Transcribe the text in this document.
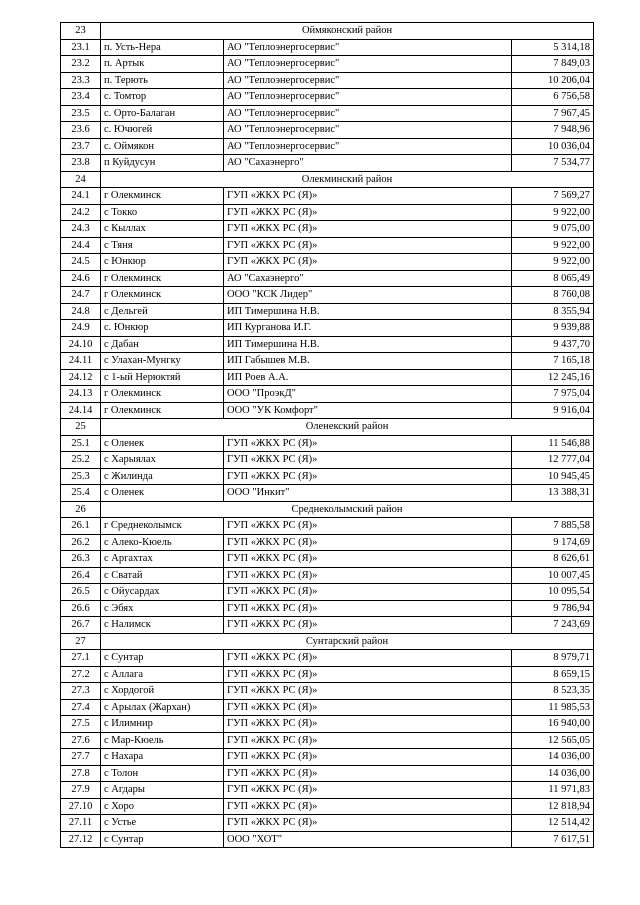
23	Оймяконский район		
23.1	п. Усть-Нера	АО "Теплоэнергосервис"	5 314,18
23.2	п. Артык	АО "Теплоэнергосервис"	7 849,03
23.3	п. Терють	АО "Теплоэнергосервис"	10 206,04
23.4	с. Томтор	АО "Теплоэнергосервис"	6 756,58
23.5	с. Орто-Балаган	АО "Теплоэнергосервис"	7 967,45
23.6	с. Ючюгей	АО "Теплоэнергосервис"	7 948,96
23.7	с. Оймякон	АО "Теплоэнергосервис"	10 036,04
23.8	п Куйдусун	АО "Сахаэнерго"	7 534,77
24	Олекминский район		
24.1	г Олекминск	ГУП «ЖКХ РС (Я)»	7 569,27
24.2	с Токко	ГУП «ЖКХ РС (Я)»	9 922,00
24.3	с Кыллах	ГУП «ЖКХ РС (Я)»	9 075,00
24.4	с Тяня	ГУП «ЖКХ РС (Я)»	9 922,00
24.5	с Юнкюр	ГУП «ЖКХ РС (Я)»	9 922,00
24.6	г Олекминск	АО "Сахаэнерго"	8 065,49
24.7	г Олекминск	ООО "КСК Лидер"	8 760,08
24.8	с Дельгей	ИП Тимершина Н.В.	8 355,94
24.9	с. Юнкюр	ИП Курганова И.Г.	9 939,88
24.10	с Дабан	ИП Тимершина Н.В.	9 437,70
24.11	с Улахан-Мунгку	ИП Габышев М.В.	7 165,18
24.12	с 1-ый Нерюктяй	ИП Роев А.А.	12 245,16
24.13	г Олекминск	ООО "ПроэкД"	7 975,04
24.14	г Олекминск	ООО "УК Комфорт"	9 916,04
25	Оленекский район		
25.1	с Оленек	ГУП «ЖКХ РС (Я)»	11 546,88
25.2	с Харыялах	ГУП «ЖКХ РС (Я)»	12 777,04
25.3	с Жилинда	ГУП «ЖКХ РС (Я)»	10 945,45
25.4	с Оленек	ООО "Инкит"	13 388,31
26	Среднеколымский район		
26.1	г Среднеколымск	ГУП «ЖКХ РС (Я)»	7 885,58
26.2	с Алеко-Кюель	ГУП «ЖКХ РС (Я)»	9 174,69
26.3	с Аргахтах	ГУП «ЖКХ РС (Я)»	8 626,61
26.4	с Сватай	ГУП «ЖКХ РС (Я)»	10 007,45
26.5	с Ойусардах	ГУП «ЖКХ РС (Я)»	10 095,54
26.6	с Эбях	ГУП «ЖКХ РС (Я)»	9 786,94
26.7	с Налимск	ГУП «ЖКХ РС (Я)»	7 243,69
27	Сунтарский район		
27.1	с Сунтар	ГУП «ЖКХ РС (Я)»	8 979,71
27.2	с Аллага	ГУП «ЖКХ РС (Я)»	8 659,15
27.3	с Хордогой	ГУП «ЖКХ РС (Я)»	8 523,35
27.4	с Арылах (Жархан)	ГУП «ЖКХ РС (Я)»	11 985,53
27.5	с Илимнир	ГУП «ЖКХ РС (Я)»	16 940,00
27.6	с Мар-Кюель	ГУП «ЖКХ РС (Я)»	12 565,05
27.7	с Нахара	ГУП «ЖКХ РС (Я)»	14 036,00
27.8	с Толон	ГУП «ЖКХ РС (Я)»	14 036,00
27.9	с Агдары	ГУП «ЖКХ РС (Я)»	11 971,83
27.10	с Хоро	ГУП «ЖКХ РС (Я)»	12 818,94
27.11	с Устье	ГУП «ЖКХ РС (Я)»	12 514,42
27.12	с Сунтар	ООО "ХОТ"	7 617,51
